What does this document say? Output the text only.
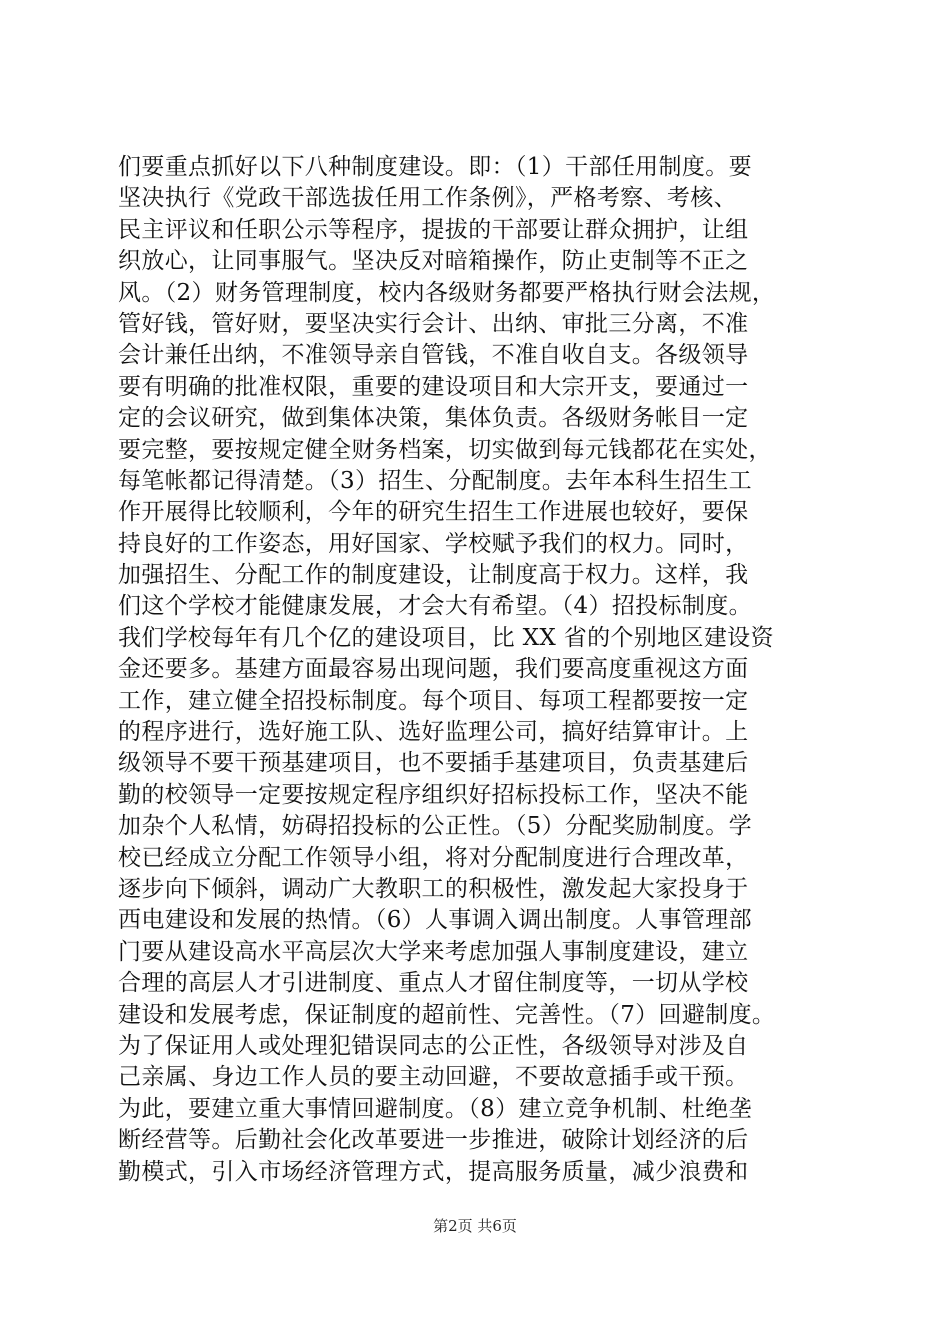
们要重点抓好以下八种制度建设。即：（1）干部任用制度。要
坚决执行《党政干部选拔任用工作条例》，严格考察、考核、
民主评议和任职公示等程序，提拔的干部要让群众拥护，让组
织放心，让同事服气。坚决反对暗箱操作，防止吏制等不正之
风。（2）财务管理制度，校内各级财务都要严格执行财会法规，
管好钱，管好财，要坚决实行会计、出纳、审批三分离，不准
会计兼任出纳，不准领导亲自管钱，不准自收自支。各级领导
要有明确的批准权限，重要的建设项目和大宗开支，要通过一
定的会议研究，做到集体决策，集体负责。各级财务帐目一定
要完整，要按规定健全财务档案，切实做到每元钱都花在实处，
每笔帐都记得清楚。（3）招生、分配制度。去年本科生招生工
作开展得比较顺利，今年的研究生招生工作进展也较好，要保
持良好的工作姿态，用好国家、学校赋予我们的权力。同时，
加强招生、分配工作的制度建设，让制度高于权力。这样，我
们这个学校才能健康发展，才会大有希望。（4）招投标制度。
我们学校每年有几个亿的建设项目，比 XX 省的个别地区建设资
金还要多。基建方面最容易出现问题，我们要高度重视这方面
工作，建立健全招投标制度。每个项目、每项工程都要按一定
的程序进行，选好施工队、选好监理公司，搞好结算审计。上
级领导不要干预基建项目，也不要插手基建项目，负责基建后
勤的校领导一定要按规定程序组织好招标投标工作，坚决不能
加杂个人私情，妨碍招投标的公正性。（5）分配奖励制度。学
校已经成立分配工作领导小组，将对分配制度进行合理改革，
逐步向下倾斜，调动广大教职工的积极性，激发起大家投身于
西电建设和发展的热情。（6）人事调入调出制度。人事管理部
门要从建设高水平高层次大学来考虑加强人事制度建设，建立
合理的高层人才引进制度、重点人才留住制度等，一切从学校
建设和发展考虑，保证制度的超前性、完善性。（7）回避制度。
为了保证用人或处理犯错误同志的公正性，各级领导对涉及自
己亲属、身边工作人员的要主动回避，不要故意插手或干预。
为此，要建立重大事情回避制度。（8）建立竞争机制、杜绝垄
断经营等。后勤社会化改革要进一步推进，破除计划经济的后
勤模式，引入市场经济管理方式，提高服务质量，减少浪费和
第2页 共6页
